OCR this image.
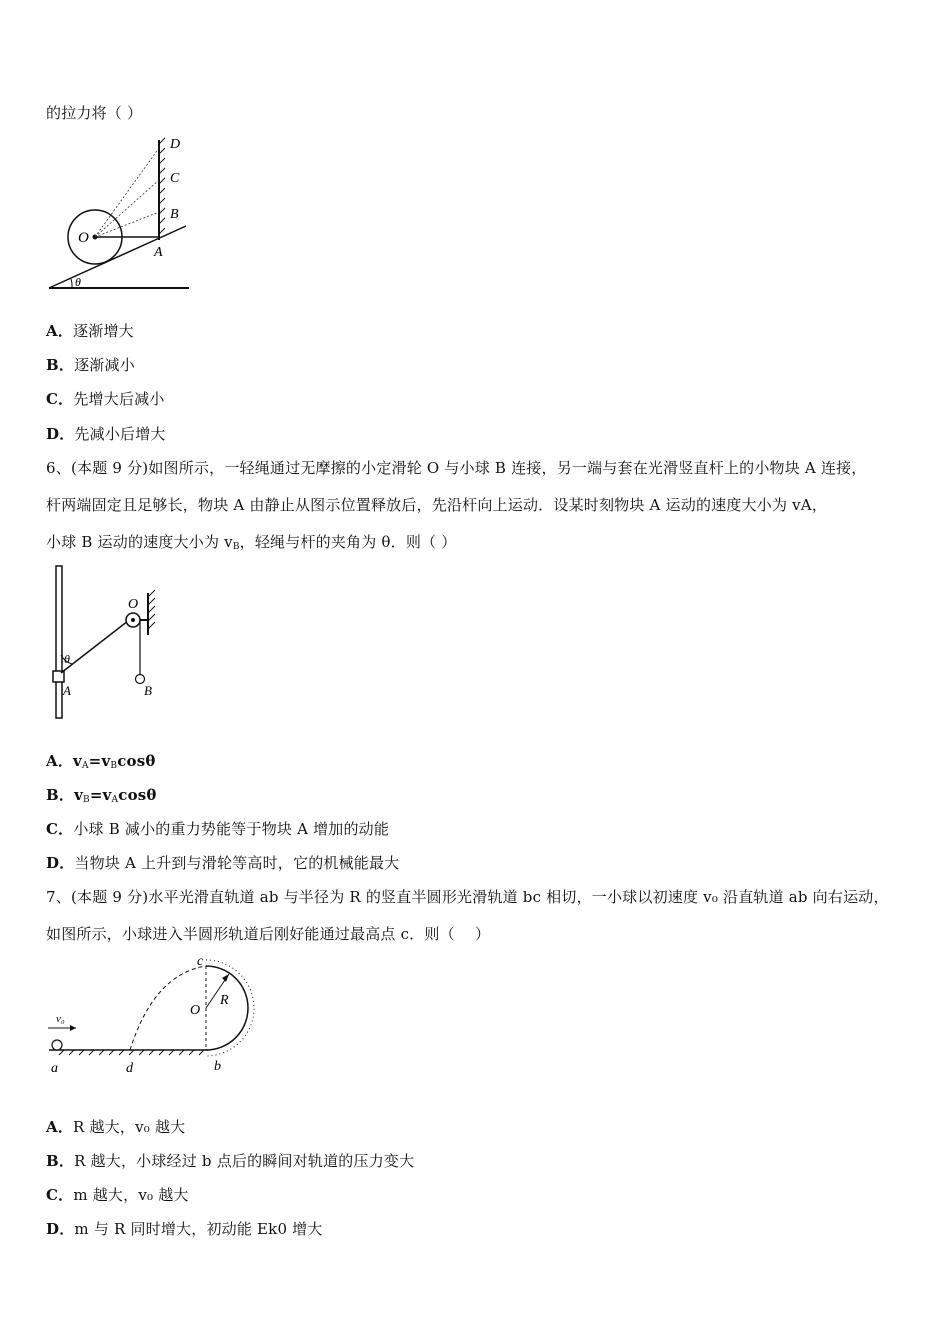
的拉力将（ ）
D
C
B
O
A
θ
A．逐渐增大
B．逐渐减小
C．先增大后减小
D．先减小后增大
6、(本题 9 分)如图所示，一轻绳通过无摩擦的小定滑轮 O 与小球 B 连接，另一端与套在光滑竖直杆上的小物块 A 连接，
杆两端固定且足够长，物块 A 由静止从图示位置释放后，先沿杆向上运动．设某时刻物块 A 运动的速度大小为 vA，
小球 B 运动的速度大小为 $v_B$，轻绳与杆的夹角为 θ．则（ ）
O
θ
A	B
A．$v_A=v_B\cos\theta$
B．$v_B=v_A\cos\theta$
C．小球 B 减小的重力势能等于物块 A 增加的动能
D．当物块 A 上升到与滑轮等高时，它的机械能最大
7、(本题 9 分)水平光滑直轨道 ab 与半径为 R 的竖直半圆形光滑轨道 bc 相切，一小球以初速度 v₀ 沿直轨道 ab 向右运动，
如图所示，小球进入半圆形轨道后刚好能通过最高点 c．则（　 ）
c
R
O
v₀
a	d	b
A．R 越大，v₀ 越大
B．R 越大，小球经过 b 点后的瞬间对轨道的压力变大
C．m 越大，v₀ 越大
D．m 与 R 同时增大，初动能 Ek0 增大
